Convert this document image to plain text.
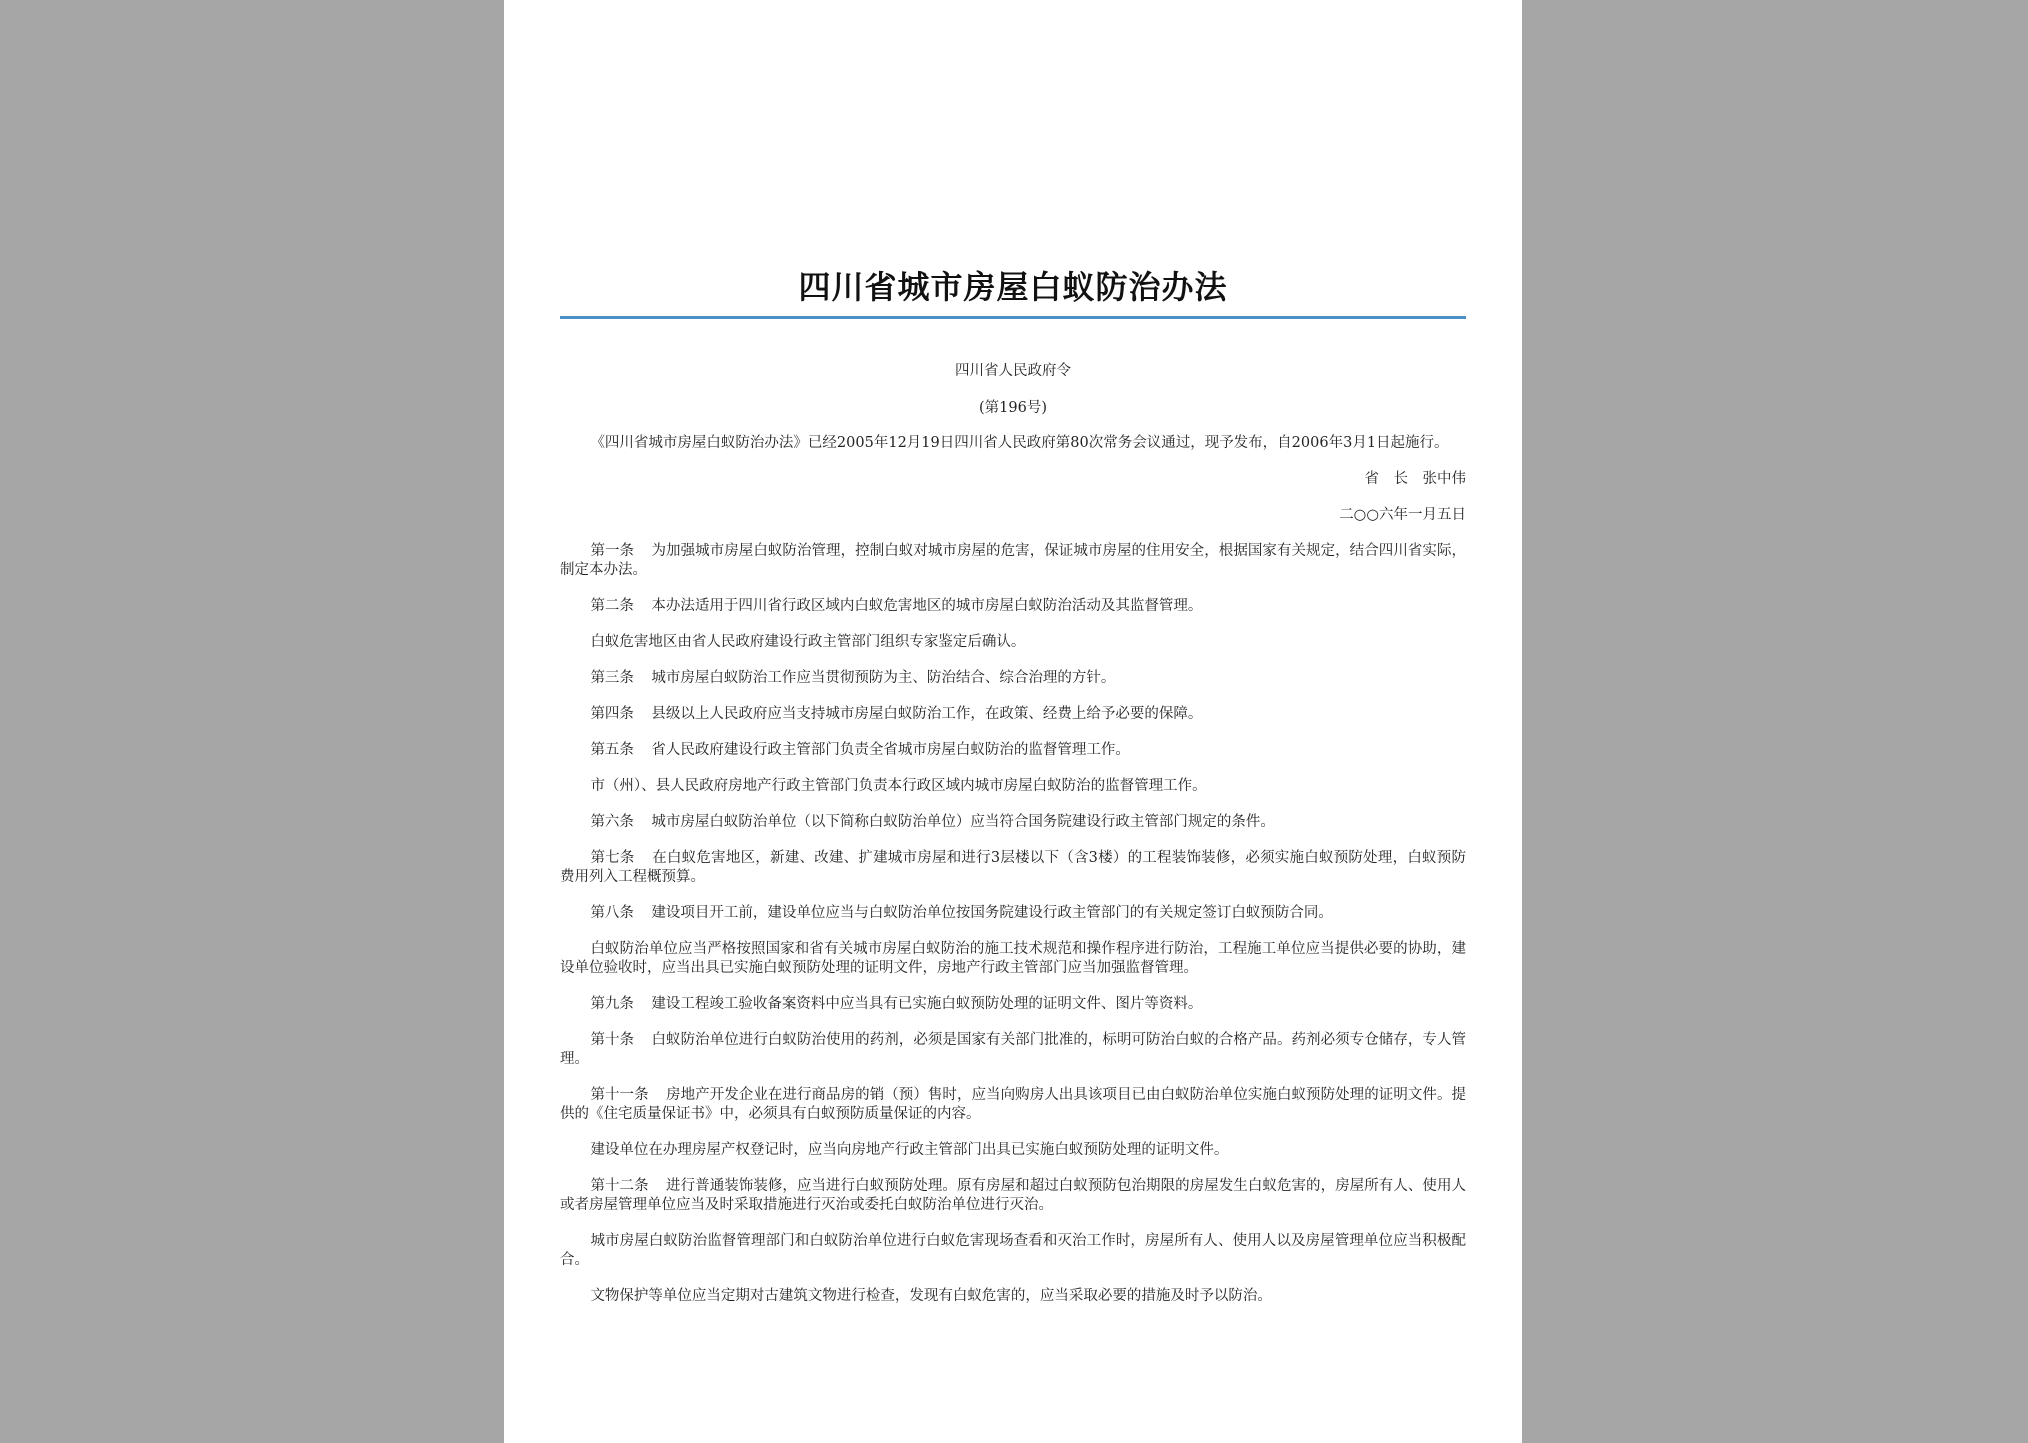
四川省城市房屋白蚁防治办法
四川省人民政府令
(第196号)
《四川省城市房屋白蚁防治办法》已经2005年12月19日四川省人民政府第80次常务会议通过，现予发布，自2006年3月1日起施行。
省　长　张中伟
二○○六年一月五日
第一条 为加强城市房屋白蚁防治管理，控制白蚁对城市房屋的危害，保证城市房屋的住用安全，根据国家有关规定，结合四川省实际，制定本办法。
第二条 本办法适用于四川省行政区域内白蚁危害地区的城市房屋白蚁防治活动及其监督管理。
白蚁危害地区由省人民政府建设行政主管部门组织专家鉴定后确认。
第三条 城市房屋白蚁防治工作应当贯彻预防为主、防治结合、综合治理的方针。
第四条 县级以上人民政府应当支持城市房屋白蚁防治工作，在政策、经费上给予必要的保障。
第五条 省人民政府建设行政主管部门负责全省城市房屋白蚁防治的监督管理工作。
市（州）、县人民政府房地产行政主管部门负责本行政区域内城市房屋白蚁防治的监督管理工作。
第六条 城市房屋白蚁防治单位（以下简称白蚁防治单位）应当符合国务院建设行政主管部门规定的条件。
第七条 在白蚁危害地区，新建、改建、扩建城市房屋和进行3层楼以下（含3楼）的工程装饰装修，必须实施白蚁预防处理，白蚁预防费用列入工程概预算。
第八条 建设项目开工前，建设单位应当与白蚁防治单位按国务院建设行政主管部门的有关规定签订白蚁预防合同。
白蚁防治单位应当严格按照国家和省有关城市房屋白蚁防治的施工技术规范和操作程序进行防治，工程施工单位应当提供必要的协助，建设单位验收时，应当出具已实施白蚁预防处理的证明文件，房地产行政主管部门应当加强监督管理。
第九条 建设工程竣工验收备案资料中应当具有已实施白蚁预防处理的证明文件、图片等资料。
第十条 白蚁防治单位进行白蚁防治使用的药剂，必须是国家有关部门批准的，标明可防治白蚁的合格产品。药剂必须专仓储存，专人管理。
第十一条 房地产开发企业在进行商品房的销（预）售时，应当向购房人出具该项目已由白蚁防治单位实施白蚁预防处理的证明文件。提供的《住宅质量保证书》中，必须具有白蚁预防质量保证的内容。
建设单位在办理房屋产权登记时，应当向房地产行政主管部门出具已实施白蚁预防处理的证明文件。
第十二条 进行普通装饰装修，应当进行白蚁预防处理。原有房屋和超过白蚁预防包治期限的房屋发生白蚁危害的，房屋所有人、使用人或者房屋管理单位应当及时采取措施进行灭治或委托白蚁防治单位进行灭治。
城市房屋白蚁防治监督管理部门和白蚁防治单位进行白蚁危害现场查看和灭治工作时，房屋所有人、使用人以及房屋管理单位应当积极配合。
文物保护等单位应当定期对古建筑文物进行检查，发现有白蚁危害的，应当采取必要的措施及时予以防治。
